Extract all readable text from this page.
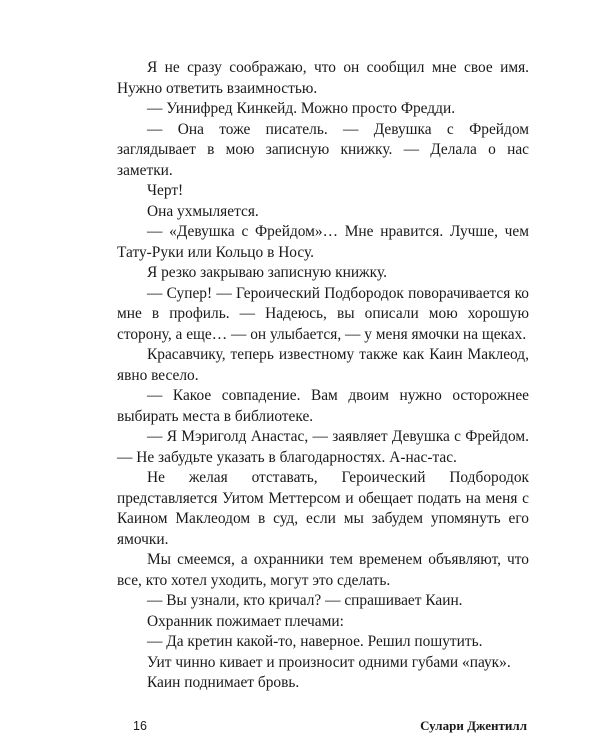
Я не сразу соображаю, что он сообщил мне свое имя. Нужно ответить взаимностью.

— Уинифред Кинкейд. Можно просто Фредди.

— Она тоже писатель. — Девушка с Фрейдом заглядывает в мою записную книжку. — Делала о нас заметки.

Черт!

Она ухмыляется.

— «Девушка с Фрейдом»… Мне нравится. Лучше, чем Тату-Руки или Кольцо в Носу.

Я резко закрываю записную книжку.

— Супер! — Героический Подбородок поворачивается ко мне в профиль. — Надеюсь, вы описали мою хорошую сторону, а еще… — он улыбается, — у меня ямочки на щеках.

Красавчику, теперь известному также как Каин Маклеод, явно весело.

— Какое совпадение. Вам двоим нужно осторожнее выбирать места в библиотеке.

— Я Мэриголд Анастас, — заявляет Девушка с Фрейдом. — Не забудьте указать в благодарностях. А-нас-тас.

Не желая отставать, Героический Подбородок представляется Уитом Меттерсом и обещает подать на меня с Каином Маклеодом в суд, если мы забудем упомянуть его ямочки.

Мы смеемся, а охранники тем временем объявляют, что все, кто хотел уходить, могут это сделать.

— Вы узнали, кто кричал? — спрашивает Каин.

Охранник пожимает плечами:

— Да кретин какой-то, наверное. Решил пошутить.

Уит чинно кивает и произносит одними губами «паук».

Каин поднимает бровь.

16	Сулари Джентилл
